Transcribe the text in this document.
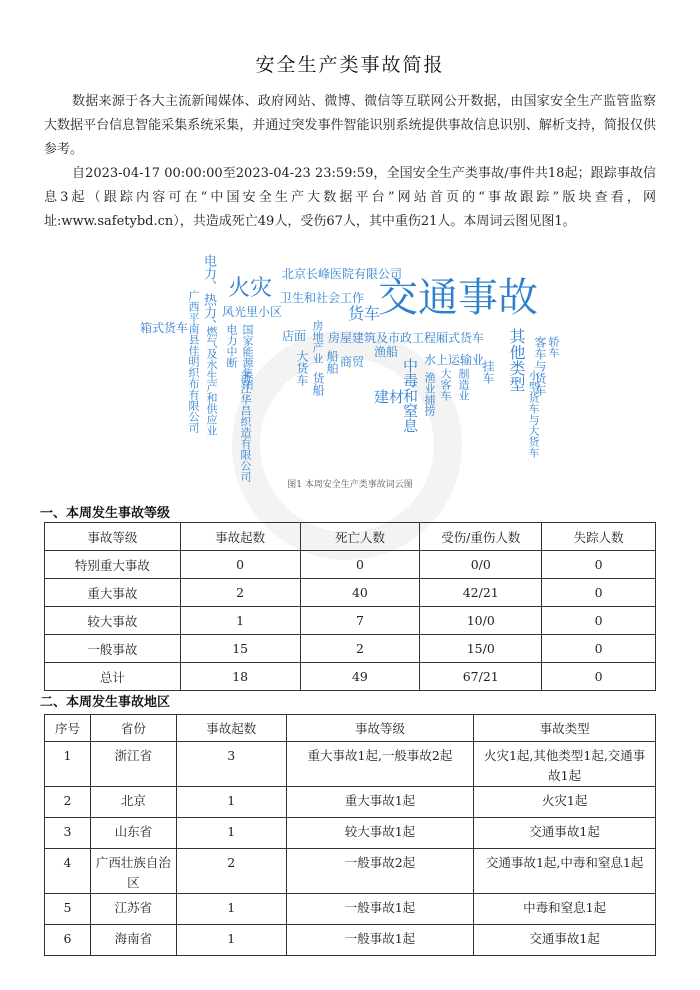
安全生产类事故简报
数据来源于各大主流新闻媒体、政府网站、微博、微信等互联网公开数据，由国家安全生产监管监察大数据平台信息智能采集系统采集，并通过突发事件智能识别系统提供事故信息识别、解析支持，简报仅供参考。
自2023-04-17 00:00:00至2023-04-23 23:59:59，全国安全生产类事故/事件共18起；跟踪事故信息3起（跟踪内容可在“中国安全生产大数据平台”网站首页的“事故跟踪”版块查看，网址:www.safetybd.cn），共造成死亡49人，受伤67人，其中重伤21人。本周词云图见图1。
交通事故
火灾
北京长峰医院有限公司
卫生和社会工作
风光里小区	货车
箱式货车
店面 房屋建筑及市政工程 厢式货车
渔船
商贸	水上运输业
建材
电力、热力、
广西平南县佳明织布有限公司 燃气及水生产和供应业 电力中断 国家能源集团
浙江华昌织造有限公司
房地产业
大货车 货船
船舶	中毒和窒息 渔业捕捞 大客车 制造业 挂车 其他类型 客车与货车 轿车
小型货车与大货车
图1 本周安全生产类事故词云图
一、本周发生事故等级
事故等级	事故起数	死亡人数	受伤/重伤人数	失踪人数
特别重大事故	0	0	0/0	0
重大事故	2	40	42/21	0
较大事故	1	7	10/0	0
一般事故	15	2	15/0	0
总计	18	49	67/21	0
二、本周发生事故地区
序号	省份	事故起数	事故等级	事故类型
1	浙江省	3	重大事故1起,一般事故2起	火灾1起,其他类型1起,交通事故1起
2	北京	1	重大事故1起	火灾1起
3	山东省	1	较大事故1起	交通事故1起
4	广西壮族自治区	2	一般事故2起	交通事故1起,中毒和窒息1起
5	江苏省	1	一般事故1起	中毒和窒息1起
6	海南省	1	一般事故1起	交通事故1起
